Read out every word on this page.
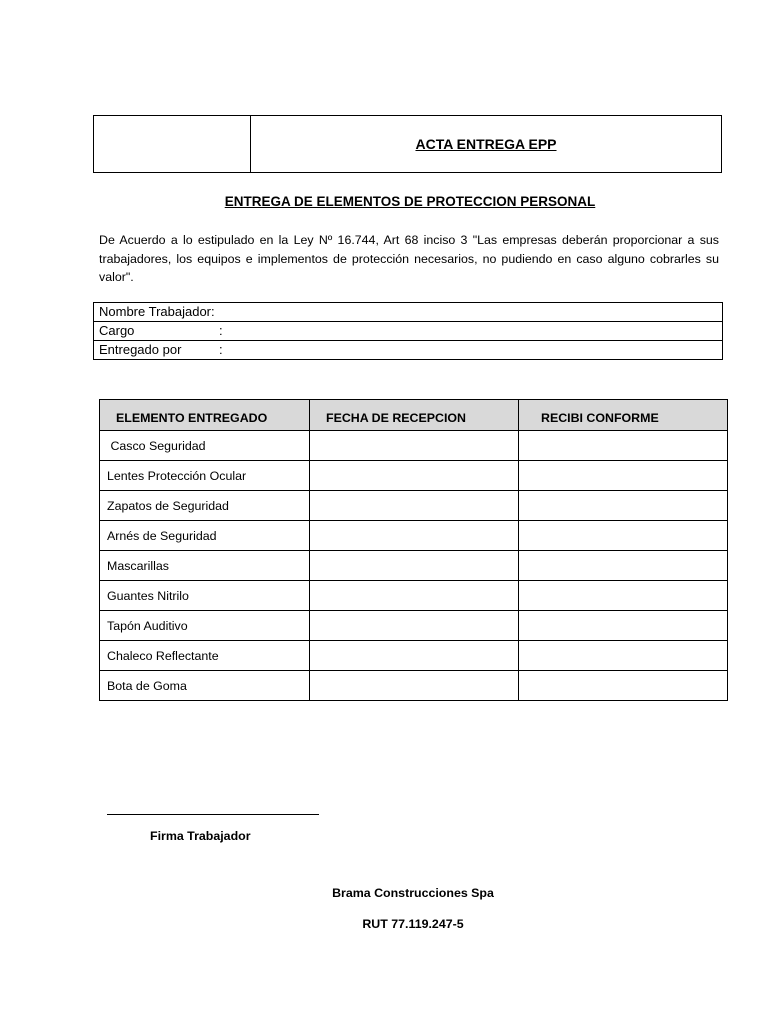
ACTA ENTREGA EPP
ENTREGA DE ELEMENTOS DE PROTECCION PERSONAL
De Acuerdo a lo estipulado en la Ley Nº 16.744, Art 68 inciso 3 "Las empresas deberán proporcionar a sus trabajadores, los equipos e implementos de protección necesarios, no pudiendo en caso alguno cobrarles su valor".
Nombre Trabajador:
Cargo	:
Entregado por	:
ELEMENTO ENTREGADO	FECHA DE RECEPCION	RECIBI CONFORME
Casco Seguridad		
Lentes Protección Ocular		
Zapatos de Seguridad		
Arnés de Seguridad		
Mascarillas		
Guantes Nitrilo		
Tapón Auditivo		
Chaleco Reflectante		
Bota de Goma		
Firma Trabajador
Brama Construcciones Spa
RUT 77.119.247-5
